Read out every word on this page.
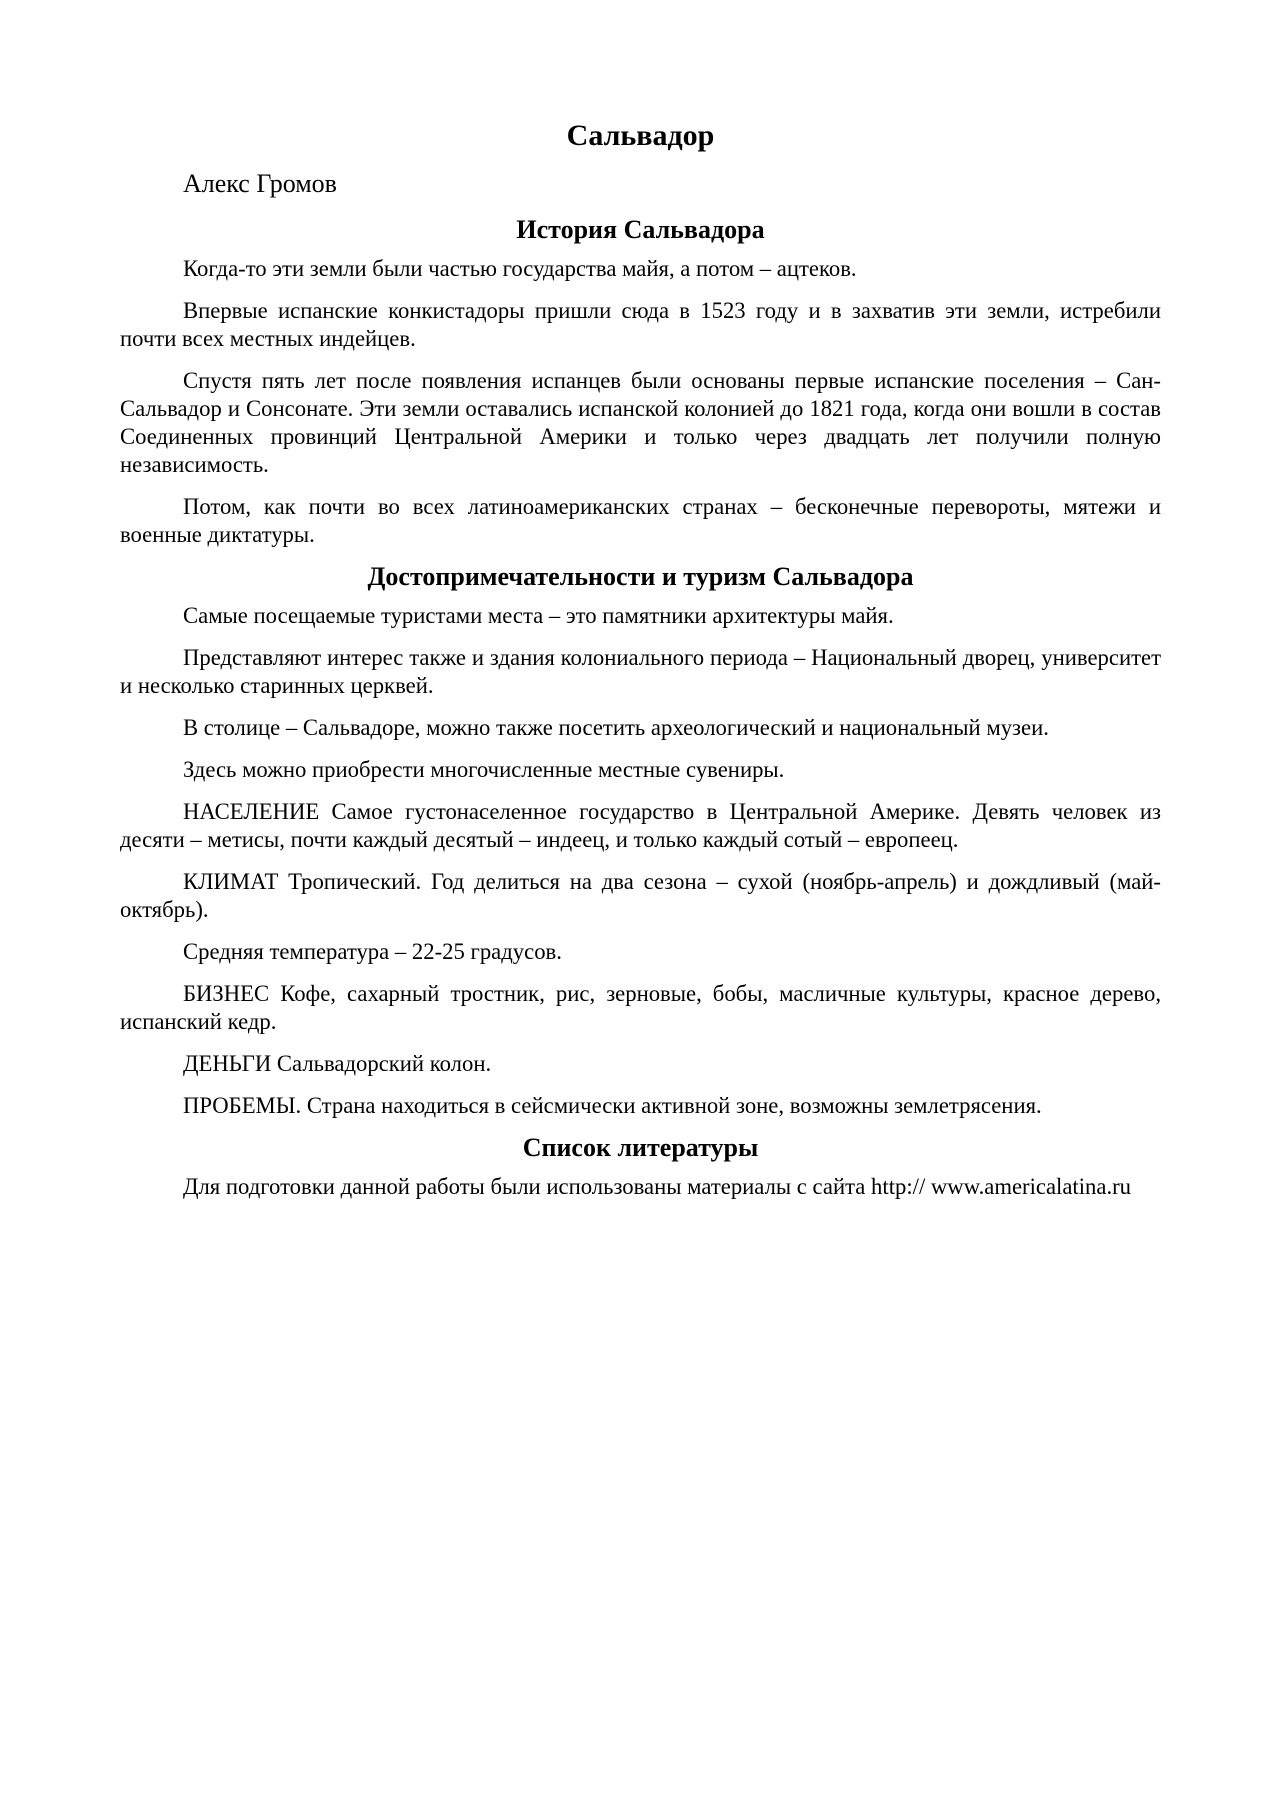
Сальвадор
Алекс Громов
История Сальвадора

Когда-то эти земли были частью государства майя, а потом – ацтеков.

Впервые испанские конкистадоры пришли сюда в 1523 году и в захватив эти земли, истребили почти всех местных индейцев.

Спустя пять лет после появления испанцев были основаны первые испанские поселения – Сан-Сальвадор и Сонсонате. Эти земли оставались испанской колонией до 1821 года, когда они вошли в состав Соединенных провинций Центральной Америки и только через двадцать лет получили полную независимость.

Потом, как почти во всех латиноамериканских странах – бесконечные перевороты, мятежи и военные диктатуры.

Достопримечательности и туризм Сальвадора

Самые посещаемые туристами места – это памятники архитектуры майя.

Представляют интерес также и здания колониального периода – Национальный дворец, университет и несколько старинных церквей.

В столице – Сальвадоре, можно также посетить археологический и национальный музеи.

Здесь можно приобрести многочисленные местные сувениры.

НАСЕЛЕНИЕ Самое густонаселенное государство в Центральной Америке. Девять человек из десяти – метисы, почти каждый десятый – индеец, и только каждый сотый – европеец.

КЛИМАТ Тропический. Год делиться на два сезона – сухой (ноябрь-апрель) и дождливый (май-октябрь).

Средняя температура – 22-25 градусов.

БИЗНЕС Кофе, сахарный тростник, рис, зерновые, бобы, масличные культуры, красное дерево, испанский кедр.

ДЕНЬГИ Сальвадорский колон.

ПРОБЕМЫ. Страна находиться в сейсмически активной зоне, возможны землетрясения.

Список литературы

Для подготовки данной работы были использованы материалы с сайта http:// www.americalatina.ru
